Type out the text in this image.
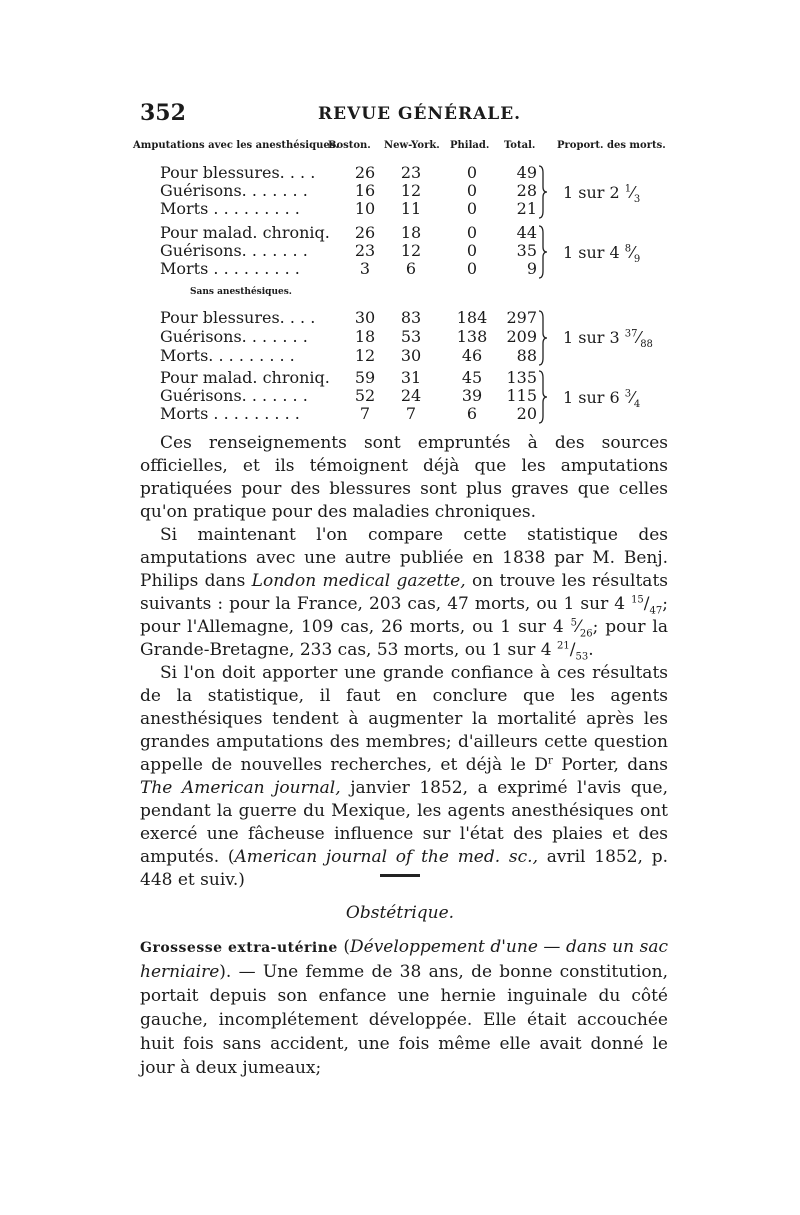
352	REVUE GÉNÉRALE.
Amputations avec les anesthésiques.
Boston. New-York. Philad. Total. Proport. des morts.
Pour blessures. . . .	26	23	0	49
Guérisons. . . . . . .	16	12	0	28
Morts . . . . . . . . .	10	11	0	21
1 sur 2 $^1⁄_3$
Pour malad. chroniq.	26	18	0	44
Guérisons. . . . . . .	23	12	0	35
Morts . . . . . . . . .	3	6	0	9
1 sur 4 $^8⁄_9$
Sans anesthésiques.
Pour blessures. . . .	30	83	184	297
Guérisons. . . . . . .	18	53	138	209
Morts. . . . . . . . .	12	30	46	88
1 sur 3 $^{37}⁄_{88}$
Pour malad. chroniq.	59	31	45	135
Guérisons. . . . . . .	52	24	39	115
Morts . . . . . . . . .	7	7	6	20
1 sur 6 $^3⁄_4$

Ces renseignements sont empruntés à des sources officielles, et ils témoignent déjà que les amputations pratiquées pour des blessures sont plus graves que celles qu'on pratique pour des maladies chroniques.

Si maintenant l'on compare cette statistique des amputations avec une autre publiée en 1838 par M. Benj. Philips dans London medical gazette, on trouve les résultats suivants : pour la France, 203 cas, 47 morts, ou 1 sur 4 $^{15}/_{47}$; pour l'Allemagne, 109 cas, 26 morts, ou 1 sur 4 $^5⁄_{26}$; pour la Grande-Bretagne, 233 cas, 53 morts, ou 1 sur 4 $^{21}/_{53}$.

Si l'on doit apporter une grande confiance à ces résultats de la statistique, il faut en conclure que les agents anesthésiques tendent à augmenter la mortalité après les grandes amputations des membres; d'ailleurs cette question appelle de nouvelles recherches, et déjà le $D^r$ Porter, dans The American journal, janvier 1852, a exprimé l'avis que, pendant la guerre du Mexique, les agents anesthésiques ont exercé une fâcheuse influence sur l'état des plaies et des amputés. (American journal of the med. sc., avril 1852, p. 448 et suiv.)

Obstétrique.

Grossesse extra-utérine (Développement d'une — dans un sac herniaire). — Une femme de 38 ans, de bonne constitution, portait depuis son enfance une hernie inguinale du côté gauche, incomplétement développée. Elle était accouchée huit fois sans accident, une fois même elle avait donné le jour à deux jumeaux;
